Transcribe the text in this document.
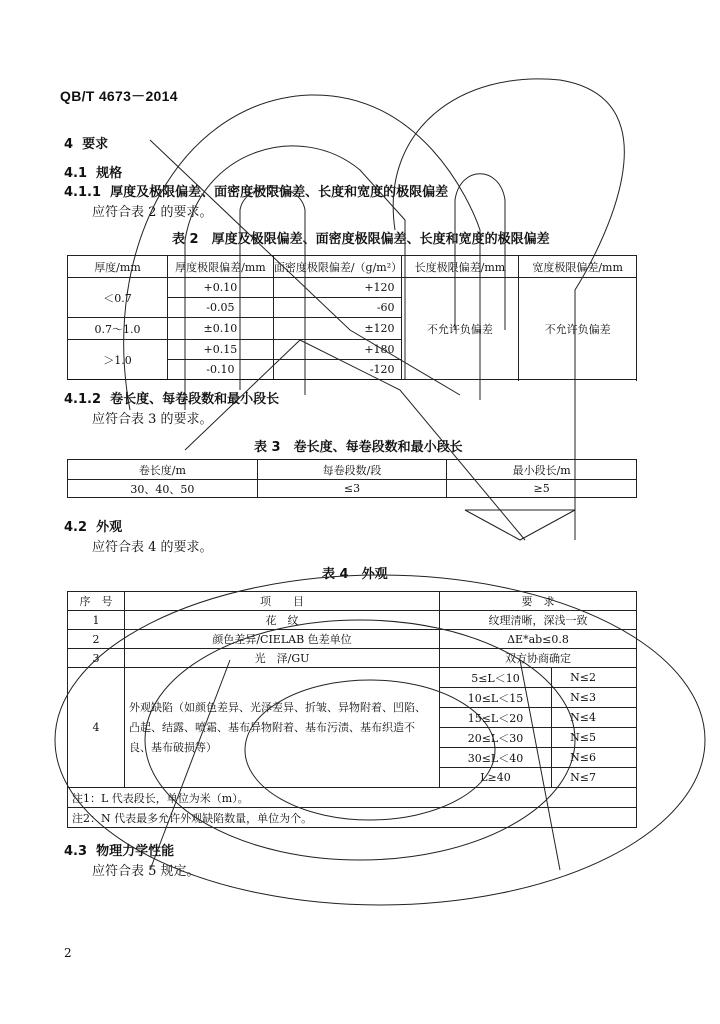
QB/T 4673－2014
4 要求
4.1 规格
4.1.1 厚度及极限偏差、面密度极限偏差、长度和宽度的极限偏差
应符合表 2 的要求。
表 2　厚度及极限偏差、面密度极限偏差、长度和宽度的极限偏差
厚度/mm	厚度极限偏差/mm	面密度极限偏差/（g/m²）	长度极限偏差/mm	宽度极限偏差/mm
＜0.7	+0.10	+120	不允许负偏差	不允许负偏差
	-0.05	-60		
0.7～1.0	±0.10	±120		
＞1.0	+0.15	+180		
	-0.10	-120		

4.1.2 卷长度、每卷段数和最小段长
应符合表 3 的要求。
表 3　卷长度、每卷段数和最小段长
卷长度/m	每卷段数/段	最小段长/m
30、40、50	≤3	≥5
4.2 外观
应符合表 4 的要求。
表 4　外观
序　号	项　　目	要　求	
1	花　纹	纹理清晰，深浅一致	
2	颜色差异/CIELAB 色差单位	ΔE*ab≤0.8	
3	光　泽/GU	双方协商确定	
4	外观缺陷（如颜色差异、光泽差异、折皱、异物附着、凹陷、凸起、结露、喷霜、基布异物附着、基布污渍、基布织造不良、基布破损等）	5≤L＜10	N≤2
		10≤L＜15	N≤3
		15≤L＜20	N≤4
		20≤L＜30	N≤5
		30≤L＜40	N≤6
		L≥40	N≤7
注1：L 代表段长，单位为米（m）。			
注2：N 代表最多允许外观缺陷数量，单位为个。			
4.3 物理力学性能
应符合表 5 规定。
2
